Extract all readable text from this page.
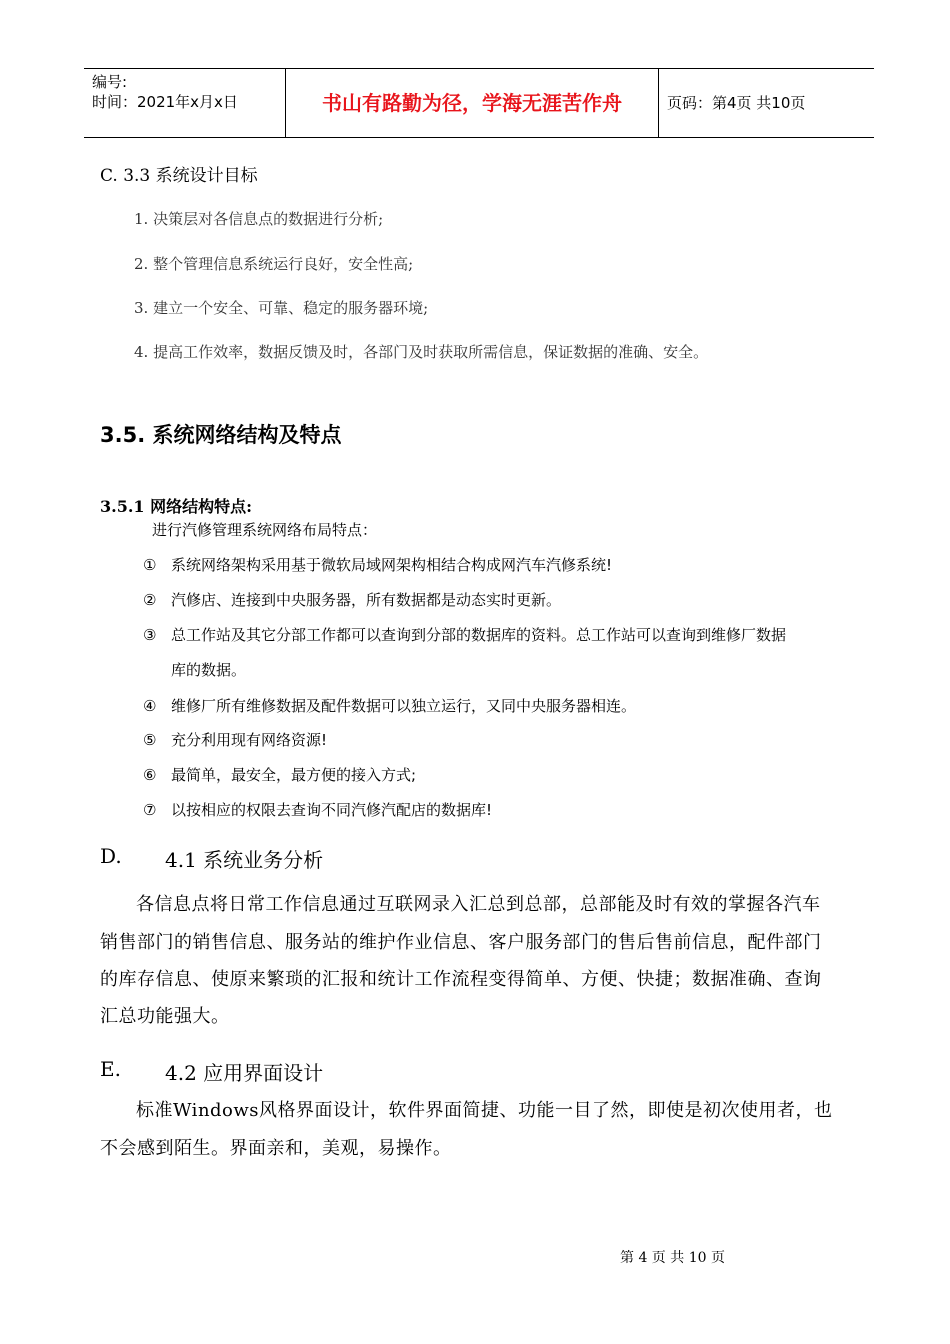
编号:
时间：2021年x月x日	书山有路勤为径，学海无涯苦作舟	页码：第4页 共10页
C. 3.3 系统设计目标
1. 决策层对各信息点的数据进行分析;
2. 整个管理信息系统运行良好，安全性高;
3. 建立一个安全、可靠、稳定的服务器环境;
4. 提高工作效率，数据反馈及时，各部门及时获取所需信息，保证数据的准确、安全。
3.5. 系统网络结构及特点
3.5.1 网络结构特点:
进行汽修管理系统网络布局特点：
① 系统网络架构采用基于微软局域网架构相结合构成网汽车汽修系统!
② 汽修店、连接到中央服务器，所有数据都是动态实时更新。
③ 总工作站及其它分部工作都可以查询到分部的数据库的资料。总工作站可以查询到维修厂数据
库的数据。
④ 维修厂所有维修数据及配件数据可以独立运行，又同中央服务器相连。
⑤ 充分利用现有网络资源!
⑥ 最简单，最安全，最方便的接入方式;
⑦ 以按相应的权限去查询不同汽修汽配店的数据库!
D. 4.1 系统业务分析
各信息点将日常工作信息通过互联网录入汇总到总部，总部能及时有效的掌握各汽车
销售部门的销售信息、服务站的维护作业信息、客户服务部门的售后售前信息，配件部门
的库存信息、使原来繁琐的汇报和统计工作流程变得简单、方便、快捷；数据准确、查询
汇总功能强大。
E. 4.2 应用界面设计
标准Windows风格界面设计，软件界面简捷、功能一目了然，即使是初次使用者，也
不会感到陌生。界面亲和，美观，易操作。
第 4 页 共 10 页
